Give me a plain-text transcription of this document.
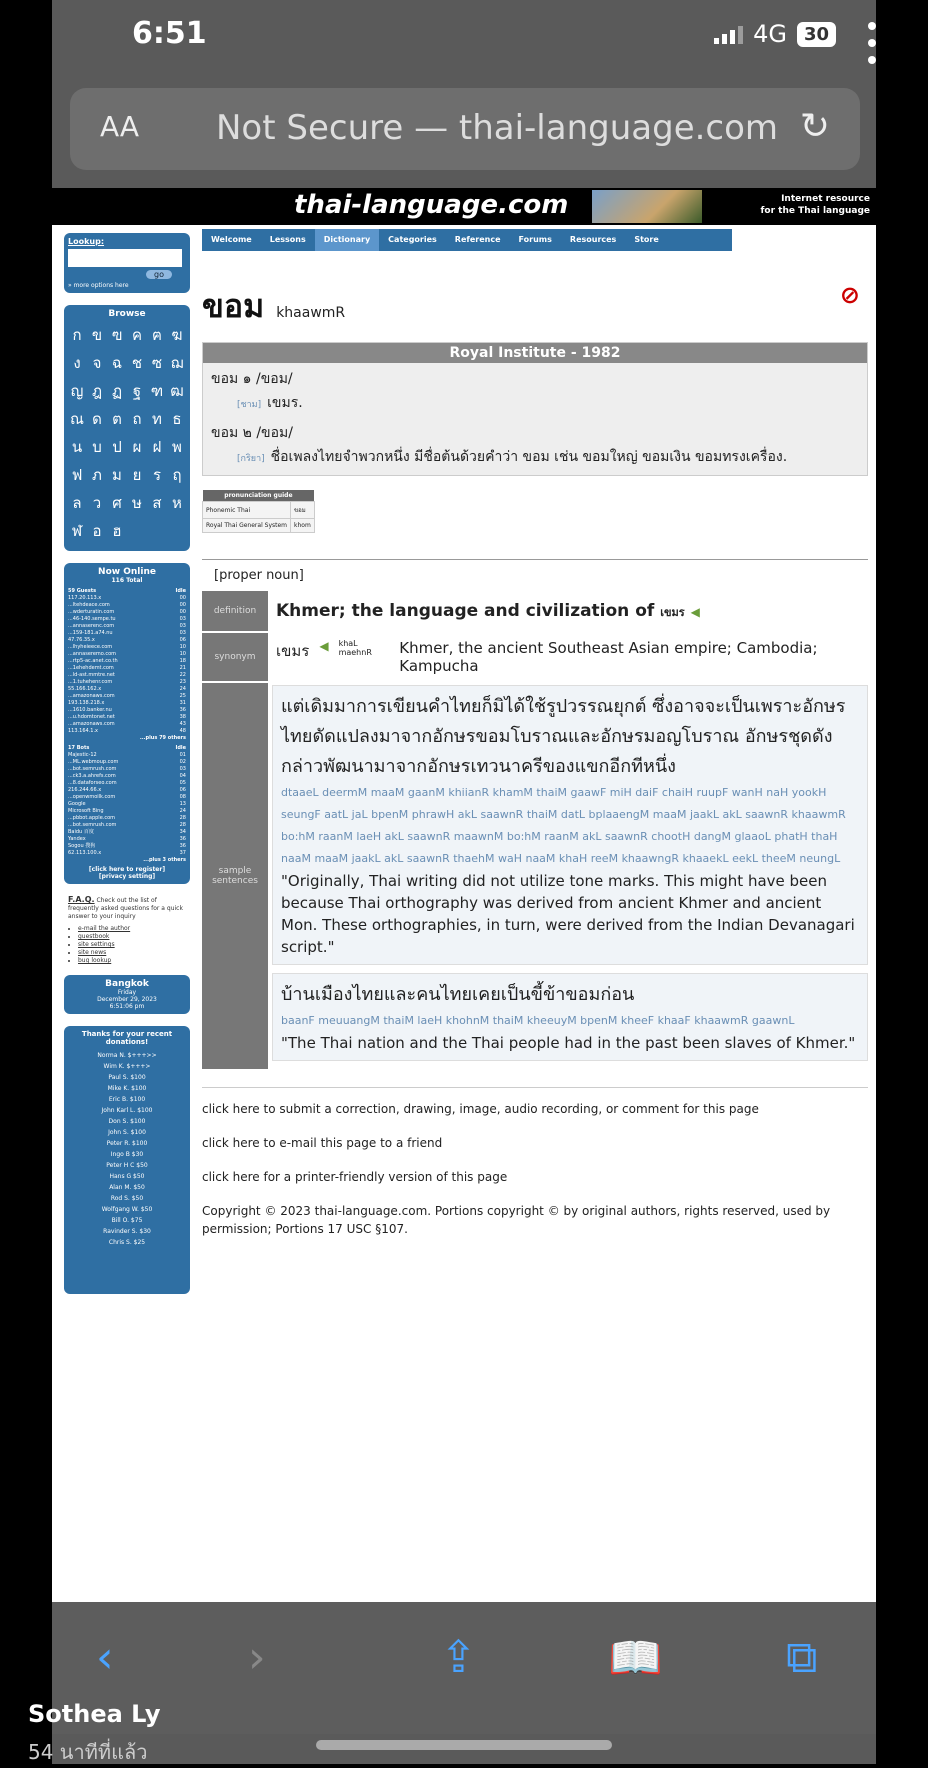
6:51	4G 30
AA Not Secure — thai-language.com ↻
thai-language.com	Internet resource
for the Thai language
Lookup:
go
» more options here
Browse
ก ข ฃ ค ฅ ฆ
ง จ ฉ ช ซ ฌ
ญ ฎ ฏ ฐ ฑ ฒ
ณ ด ต ถ ท ธ
น บ ป ผ ฝ พ
ฟ ภ ม ย ร ฤ
ล ว ศ ษ ส ห
ฬ อ ฮ
Now Online
116 Total
59 Guests	Idle
117.20.113.x	00
...ltehdeace.com	00
...wderturatin.com	00
...46-140.sempe.tu	03
...annaserenc.com	03
...159-181.a74.nu	03
47.76.35.x	06
...lhyheieece.com	10
...annaseremo.com	10
...rtp5-ac.anet.co.th	18
...1ehehdemt.com	21
...ld-ast.mmtre.net	22
...1.tuhehenr.com	23
55.166.162.x	24
...amazonaws.com	25
193.138.218.x	31
...1610.banker.nu	36
...u.hdomtonet.net	38
...amazonaws.com	43
113.164.1.x	48
...plus 79 others
17 Bots	Idle
Majestic-12	01
...ML.webmoup.com	02
...bot.semrush.com	03
...ck3.a.ahrefs.com	04
...8.dataforseo.com	05
216.244.66.x	06
...openwmoilk.com	08
Google	13
Microsoft Bing	24
...pbbot.apple.com	28
...bot.semrush.com	28
Baidu 百度	34
Yandex	36
Sogou 搜狗	36
62.113.100.x	37
...plus 3 others
[click here to register]
[privacy setting]
F.A.Q. Check out the list of frequently asked questions for a quick answer to your inquiry
• e-mail the author
• guestbook
• site settings
• site news
• bug lookup
Bangkok
Friday
December 29, 2023
6:51:06 pm
Thanks for your recent donations!
Norma N. $+++>>
Wim K. $+++>
Paul S. $100
Mike K. $100
Eric B. $100
John Karl L. $100
Don S. $100
John S. $100
Peter R. $100
Ingo B $30
Peter H C $50
Hans G $50
Alan M. $50
Rod S. $50
Wolfgang W. $50
Bill O. $75
Ravinder S. $30
Chris S. $25
Welcome	Lessons	Dictionary	Categories	Reference	Forums	Resources	Store
⊘
ขอม khaawmR
Royal Institute - 1982

ขอม ๑ /ขอม/
[ชาม] เขมร.

ขอม ๒ /ขอม/
[กริยา] ชื่อเพลงไทยจำพวกหนึ่ง มีชื่อต้นด้วยคำว่า ขอม เช่น ขอมใหญ่ ขอมเงิน ขอมทรงเครื่อง.

pronunciation guide	
Phonemic Thai	ขอม
Royal Thai General System	khom
[proper noun]
definition	Khmer; the language and civilization of เขมร ◀
synonym	เขมร ◀ khaL maehnR Khmer, the ancient Southeast Asian empire; Cambodia; Kampucha
sample sentences
แต่เดิมมาการเขียนคำไทยก็มิได้ใช้รูปวรรณยุกต์ ซึ่งอาจจะเป็นเพราะอักษรไทยดัดแปลงมาจากอักษรขอมโบราณและอักษรมอญโบราณ อักษรชุดดังกล่าวพัฒนามาจากอักษรเทวนาครีของแขกอีกทีหนึ่ง
dtaaeL deermM maaM gaanM khiianR khamM thaiM gaawF miH daiF chaiH ruupF wanH naH yookH seungF aatL jaL bpenM phrawH akL saawnR thaiM datL bplaaengM maaM jaakL akL saawnR khaawmR bo:hM raanM laeH akL saawnR maawnM bo:hM raanM akL saawnR chootH dangM glaaoL phatH thaH naaM maaM jaakL akL saawnR thaehM waH naaM khaH reeM khaawngR khaaekL eekL theeM neungL
"Originally, Thai writing did not utilize tone marks. This might have been because Thai orthography was derived from ancient Khmer and ancient Mon. These orthographies, in turn, were derived from the Indian Devanagari script."
บ้านเมืองไทยและคนไทยเคยเป็นขี้ข้าขอมก่อน
baanF meuuangM thaiM laeH khohnM thaiM kheeuyM bpenM kheeF khaaF khaawmR gaawnL
"The Thai nation and the Thai people had in the past been slaves of Khmer."

click here to submit a correction, drawing, image, audio recording, or comment for this page

click here to e-mail this page to a friend

click here for a printer-friendly version of this page

Copyright © 2023 thai-language.com. Portions copyright © by original authors, rights reserved, used by permission; Portions 17 USC §107.

‹	›	⇪	📖	⧉
Sothea Ly
54 นาทีที่แล้ว
